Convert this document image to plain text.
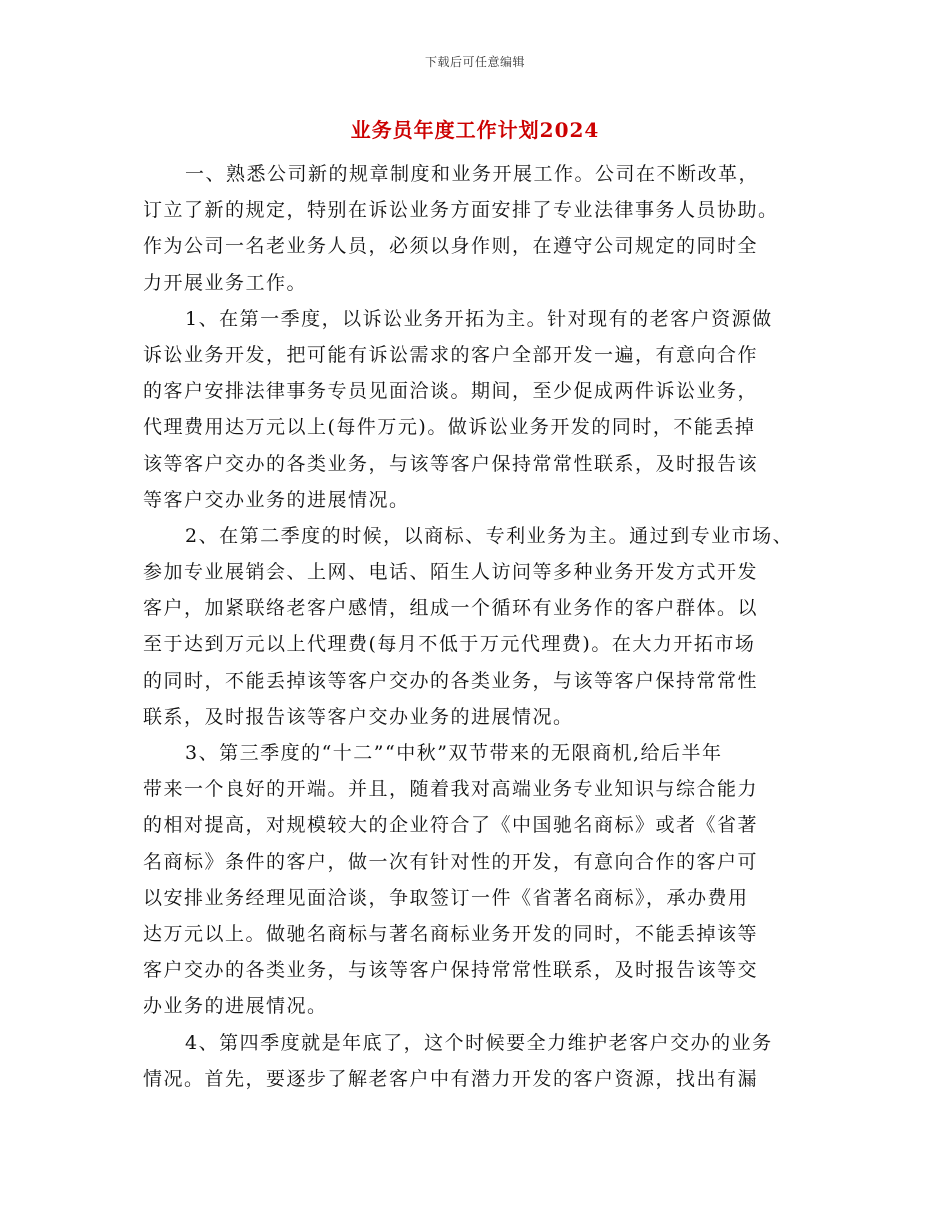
下载后可任意编辑
业务员年度工作计划2024
一、熟悉公司新的规章制度和业务开展工作。公司在不断改革，
订立了新的规定，特别在诉讼业务方面安排了专业法律事务人员协助。
作为公司一名老业务人员，必须以身作则，在遵守公司规定的同时全
力开展业务工作。
1、在第一季度，以诉讼业务开拓为主。针对现有的老客户资源做
诉讼业务开发，把可能有诉讼需求的客户全部开发一遍，有意向合作
的客户安排法律事务专员见面洽谈。期间，至少促成两件诉讼业务，
代理费用达万元以上(每件万元)。做诉讼业务开发的同时，不能丢掉
该等客户交办的各类业务，与该等客户保持常常性联系，及时报告该
等客户交办业务的进展情况。
2、在第二季度的时候，以商标、专利业务为主。通过到专业市场、
参加专业展销会、上网、电话、陌生人访问等多种业务开发方式开发
客户，加紧联络老客户感情，组成一个循环有业务作的客户群体。以
至于达到万元以上代理费(每月不低于万元代理费)。在大力开拓市场
的同时，不能丢掉该等客户交办的各类业务，与该等客户保持常常性
联系，及时报告该等客户交办业务的进展情况。
3、第三季度的“十二”“中秋”双节带来的无限商机,给后半年
带来一个良好的开端。并且，随着我对高端业务专业知识与综合能力
的相对提高，对规模较大的企业符合了《中国驰名商标》或者《省著
名商标》条件的客户，做一次有针对性的开发，有意向合作的客户可
以安排业务经理见面洽谈，争取签订一件《省著名商标》，承办费用
达万元以上。做驰名商标与著名商标业务开发的同时，不能丢掉该等
客户交办的各类业务，与该等客户保持常常性联系，及时报告该等交
办业务的进展情况。
4、第四季度就是年底了，这个时候要全力维护老客户交办的业务
情况。首先，要逐步了解老客户中有潜力开发的客户资源，找出有漏
